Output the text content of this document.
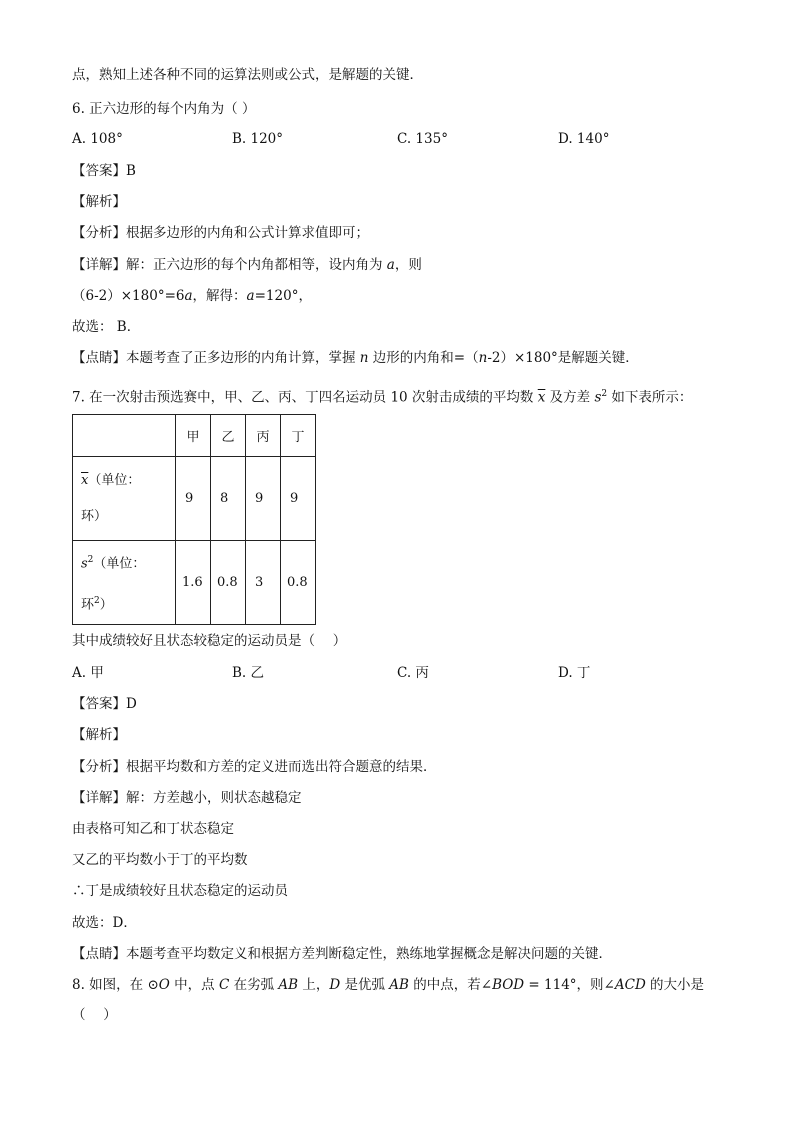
点，熟知上述各种不同的运算法则或公式，是解题的关键．
6. 正六边形的每个内角为（ ）
A. 108°	B. 120°	C. 135°	D. 140°
【答案】B
【解析】
【分析】根据多边形的内角和公式计算求值即可；
【详解】解：正六边形的每个内角都相等，设内角为 a，则
（6-2）×180°=6a，解得：a=120°，
故选： B．
【点睛】本题考查了正多边形的内角计算，掌握 n 边形的内角和=（n-2）×180°是解题关键．
7. 在一次射击预选赛中，甲、乙、丙、丁四名运动员 10 次射击成绩的平均数 $\overline{x}$ 及方差 $s^2$ 如下表所示：
	甲	乙	丙	丁
$\overline{x}$（单位：
环）	9	8	9	9
$s^2$（单位：
环$^2$）	1.6	0.8	3	0.8
其中成绩较好且状态较稳定的运动员是（　 ）
A. 甲	B. 乙	C. 丙	D. 丁
【答案】D
【解析】
【分析】根据平均数和方差的定义进而选出符合题意的结果．
【详解】解：方差越小，则状态越稳定
由表格可知乙和丁状态稳定
又乙的平均数小于丁的平均数
∴丁是成绩较好且状态稳定的运动员
故选：D．
【点睛】本题考查平均数定义和根据方差判断稳定性，熟练地掌握概念是解决问题的关键．
8. 如图，在 ⊙O 中，点 C 在劣弧 AB 上，D 是优弧 AB 的中点，若∠BOD = 114°，则∠ACD 的大小是
（　 ）
